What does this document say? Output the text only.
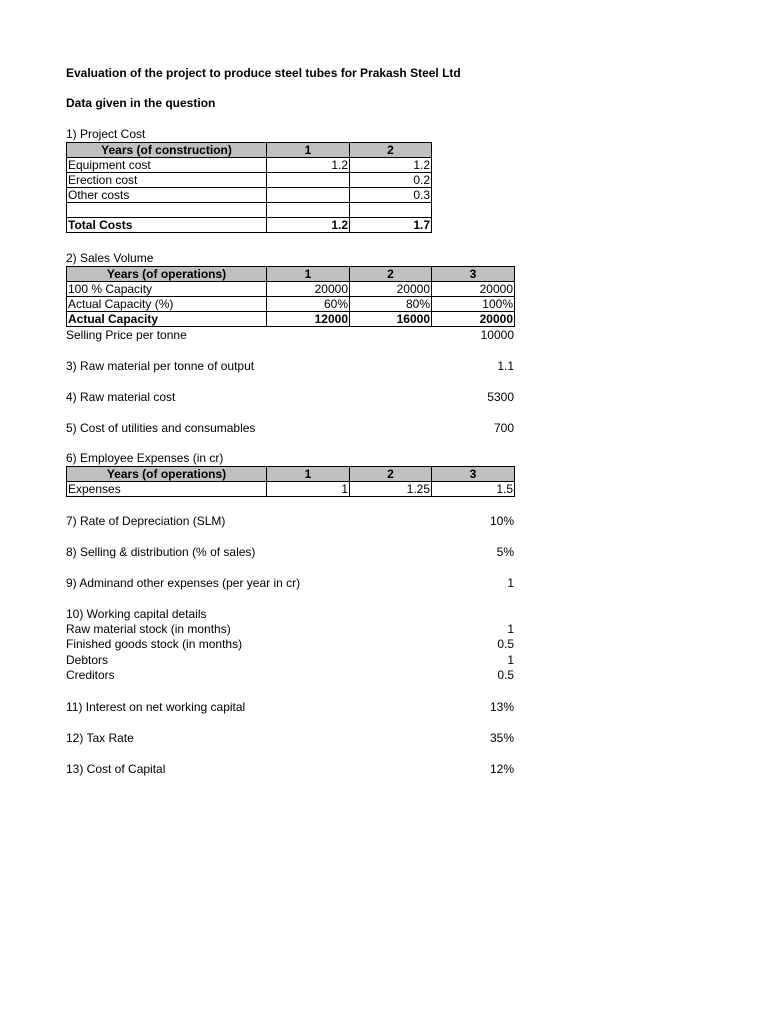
Evaluation of the project to produce steel tubes for Prakash Steel Ltd
Data given in the question
1) Project Cost
Years (of construction)	1	2
Equipment cost	1.2	1.2
Erection cost		0.2
Other costs		0.3

Total Costs	1.2	1.7
2) Sales Volume
Years (of operations)	1	2	3
100 % Capacity	20000	20000	20000
Actual Capacity (%)	60%	80%	100%
Actual Capacity	12000	16000	20000
Selling Price per tonne	10000
3) Raw material per tonne of output	1.1
4) Raw material cost	5300
5) Cost of utilities and consumables	700
6) Employee Expenses (in cr)
Years (of operations)	1	2	3
Expenses	1	1.25	1.5
7) Rate of Depreciation (SLM)	10%
8) Selling & distribution (% of sales)	5%
9) Adminand other expenses (per year in cr)	1
10) Working capital details
Raw material stock (in months)	1
Finished goods stock (in months)	0.5
Debtors	1
Creditors	0.5
11) Interest on net working capital	13%
12) Tax Rate	35%
13) Cost of Capital	12%
